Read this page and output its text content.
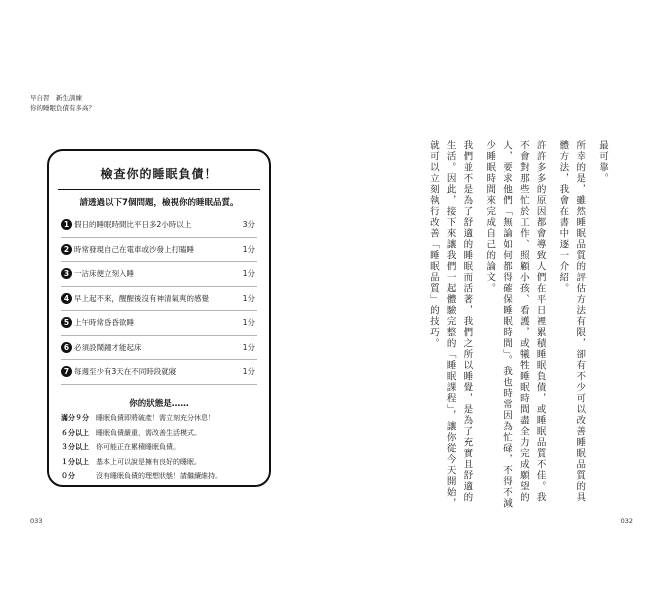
早自習　新生訓練
你的睡眠負債有多高？
檢查你的睡眠負債！
請透過以下7個問題，檢視你的睡眠品質。
1 假日的睡眠時間比平日多2小時以上	3分
2 時常發現自己在電車或沙發上打瞌睡	1分
3 一沾床便立刻入睡	1分
4 早上起不來，醒醒後沒有神清氣爽的感覺	1分
5 上午時常昏昏欲睡	1分
6 必須設鬧鐘才能起床	1分
7 每週至少有3天在不同時段就寢	1分
你的狀態是……
滿分９分 睡眠負債即將破產！需立刻充分休息！
６分以上 睡眠負債嚴重，需改善生活模式。
３分以上 你可能正在累積睡眠負債。
１分以上 基本上可以說是擁有良好的睡眠。
０分	沒有睡眠負債的理想狀態！請繼續維持。
033

最可靠。

所幸的是，雖然睡眠品質的評估方法有限，卻有不少可以改善睡眠品質的具體方法，我會在書中逐一介紹。

許許多多的原因都會導致人們在平日裡累積睡眠負債，或睡眠品質不佳。我不會對那些忙於工作、照顧小孩、看護，或犧牲睡眠時間盡全力完成願望的人，要求他們「無論如何都得確保睡眠時間」。我也時常因為忙碌，不得不減少睡眠時間來完成自己的論文。

我們並不是為了舒適的睡眠而活著，我們之所以睡覺，是為了充實且舒適的生活。因此，接下來讓我們一起體驗完整的「睡眠課程」，讓你從今天開始，就可以立刻執行改善「睡眠品質」的技巧。

032
